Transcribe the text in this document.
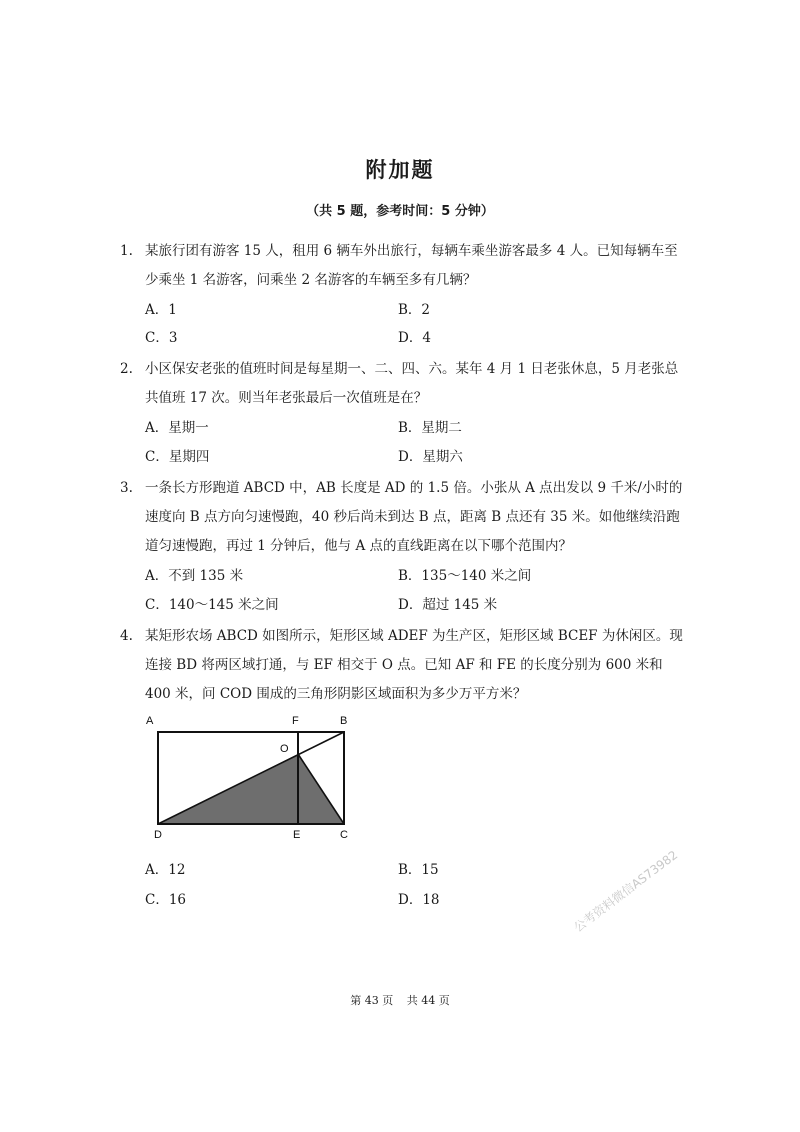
附加题
（共 5 题，参考时间：5 分钟）
1. 某旅行团有游客 15 人，租用 6 辆车外出旅行，每辆车乘坐游客最多 4 人。已知每辆车至少乘坐 1 名游客，问乘坐 2 名游客的车辆至多有几辆？
A．1	B．2
C．3	D．4
2. 小区保安老张的值班时间是每星期一、二、四、六。某年 4 月 1 日老张休息，5 月老张总共值班 17 次。则当年老张最后一次值班是在？
A．星期一	B．星期二
C．星期四	D．星期六
3. 一条长方形跑道 ABCD 中，AB 长度是 AD 的 1.5 倍。小张从 A 点出发以 9 千米/小时的速度向 B 点方向匀速慢跑，40 秒后尚未到达 B 点，距离 B 点还有 35 米。如他继续沿跑道匀速慢跑，再过 1 分钟后，他与 A 点的直线距离在以下哪个范围内？
A．不到 135 米	B．135～140 米之间
C．140～145 米之间	D．超过 145 米
4. 某矩形农场 ABCD 如图所示，矩形区域 ADEF 为生产区，矩形区域 BCEF 为休闲区。现连接 BD 将两区域打通，与 EF 相交于 O 点。已知 AF 和 FE 的长度分别为 600 米和 400 米，问 COD 围成的三角形阴影区域面积为多少万平方米？
A	F	B
O
D	E	C
A．12	B．15
C．16	D．18	公考资料微信AS73982
第 43 页 共 44 页
